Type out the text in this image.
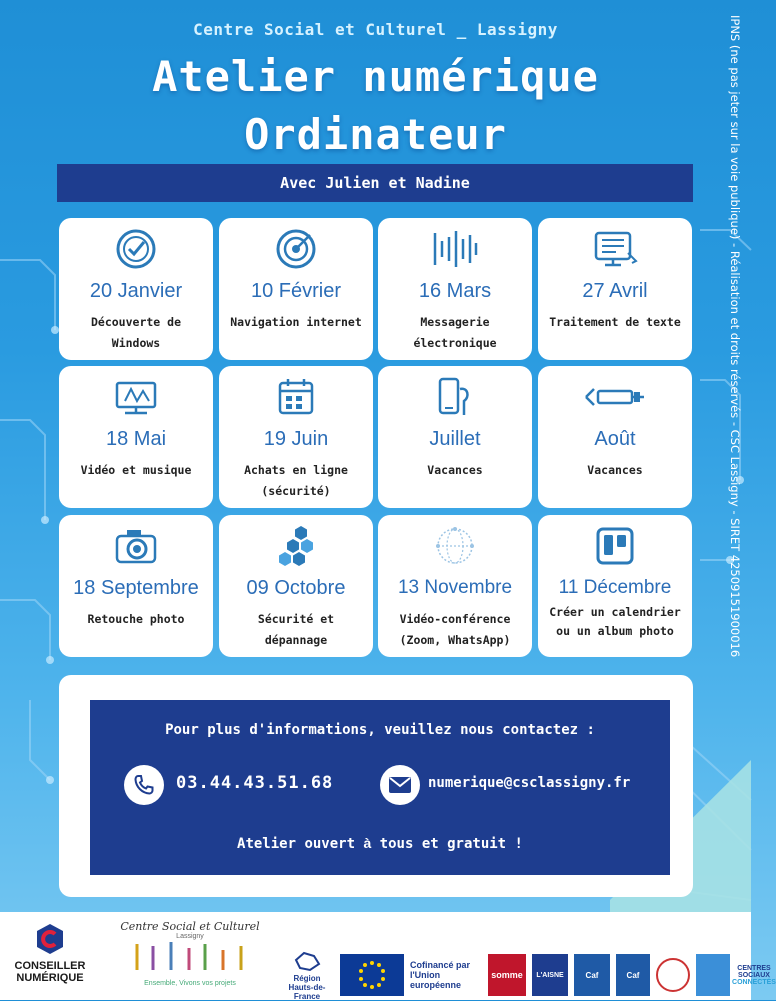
Centre Social et Culturel _ Lassigny
Atelier numérique
Ordinateur
Avec Julien et Nadine
20 Janvier
Découverte de Windows
10 Février
Navigation internet
16 Mars
Messagerie électronique
27 Avril
Traitement de texte
18 Mai
Vidéo et musique
19 Juin
Achats en ligne (sécurité)
Juillet
Vacances
Août
Vacances
18 Septembre
Retouche photo
09 Octobre
Sécurité et dépannage
13 Novembre
Vidéo-conférence (Zoom, WhatsApp)
11 Décembre
Créer un calendrier ou un album photo
Pour plus d'informations, veuillez nous contactez :
03.44.43.51.68	numerique@csclassigny.fr
Atelier ouvert à tous et gratuit !
IPNS (ne pas jeter sur la voie publique) - Réalisation et droits réservés - CSC Lassigny - SIRET 42509151900016
CONSEILLER
NUMÉRIQUE
Centre Social et Culturel
Lassigny
Ensemble, Vivons vos projets
Région
Hauts-de-France
Cofinancé par
l'Union européenne
somme	L'AISNE	Caf	Caf
CENTRES
SOCIAUX
CONNECTÉS
